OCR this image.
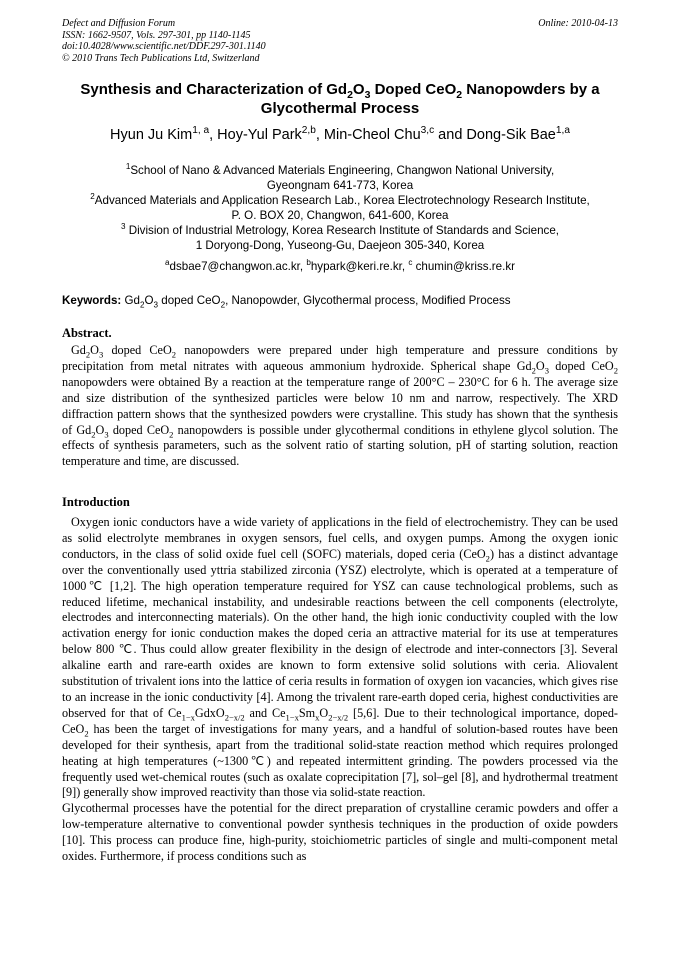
Defect and Diffusion Forum
ISSN: 1662-9507, Vols. 297-301, pp 1140-1145
doi:10.4028/www.scientific.net/DDF.297-301.1140
© 2010 Trans Tech Publications Ltd, Switzerland
Online: 2010-04-13
Synthesis and Characterization of $Gd_2O_3$ Doped CeO$_2$ Nanopowders by a Glycothermal Process
Hyun Ju Kim$^{1, a}$, Hoy-Yul Park$^{2,b}$, Min-Cheol Chu$^{3,c}$ and Dong-Sik Bae$^{1,a}$
$^1$School of Nano & Advanced Materials Engineering, Changwon National University,
Gyeongnam 641-773, Korea
$^2$Advanced Materials and Application Research Lab., Korea Electrotechnology Research Institute,
P. O. BOX 20, Changwon, 641-600, Korea
$^3$ Division of Industrial Metrology, Korea Research Institute of Standards and Science,
1 Doryong-Dong, Yuseong-Gu, Daejeon 305-340, Korea
$^a$dsbae7@changwon.ac.kr, $^b$hypark@keri.re.kr, $^c$ chumin@kriss.re.kr
Keywords: $Gd_2O_3$ doped CeO$_2$, Nanopowder, Glycothermal process, Modified Process
Abstract.

$Gd_2O_3$ doped CeO$_2$ nanopowders were prepared under high temperature and pressure conditions by precipitation from metal nitrates with aqueous ammonium hydroxide. Spherical shape $Gd_2O_3$ doped CeO$_2$ nanopowders were obtained By a reaction at the temperature range of 200°C – 230°C for 6 h. The average size and size distribution of the synthesized particles were below 10 nm and narrow, respectively. The XRD diffraction pattern shows that the synthesized powders were crystalline. This study has shown that the synthesis of $Gd_2O_3$ doped CeO$_2$ nanopowders is possible under glycothermal conditions in ethylene glycol solution. The effects of synthesis parameters, such as the solvent ratio of starting solution, pH of starting solution, reaction temperature and time, are discussed.

Introduction

Oxygen ionic conductors have a wide variety of applications in the field of electrochemistry. They can be used as solid electrolyte membranes in oxygen sensors, fuel cells, and oxygen pumps. Among the oxygen ionic conductors, in the class of solid oxide fuel cell (SOFC) materials, doped ceria (CeO$_2$) has a distinct advantage over the conventionally used yttria stabilized zirconia (YSZ) electrolyte, which is operated at a temperature of 1000℃ [1,2]. The high operation temperature required for YSZ can cause technological problems, such as reduced lifetime, mechanical instability, and undesirable reactions between the cell components (electrolyte, electrodes and interconnecting materials). On the other hand, the high ionic conductivity coupled with the low activation energy for ionic conduction makes the doped ceria an attractive material for its use at temperatures below 800 ℃. Thus could allow greater flexibility in the design of electrode and inter-connectors [3]. Several alkaline earth and rare-earth oxides are known to form extensive solid solutions with ceria. Aliovalent substitution of trivalent ions into the lattice of ceria results in formation of oxygen ion vacancies, which gives rise to an increase in the ionic conductivity [4]. Among the trivalent rare-earth doped ceria, highest conductivities are observed for that of $Ce_{1-x}GdxO_{2-x/2}$ and $Ce_{1-x}Sm_xO_{2-x/2}$ [5,6]. Due to their technological importance, doped-CeO$_2$ has been the target of investigations for many years, and a handful of solution-based routes have been developed for their synthesis, apart from the traditional solid-state reaction method which requires prolonged heating at high temperatures (~1300℃) and repeated intermittent grinding. The powders processed via the frequently used wet-chemical routes (such as oxalate coprecipitation [7], sol–gel [8], and hydrothermal treatment [9]) generally show improved reactivity than those via solid-state reaction.

Glycothermal processes have the potential for the direct preparation of crystalline ceramic powders and offer a low-temperature alternative to conventional powder synthesis techniques in the production of oxide powders [10]. This process can produce fine, high-purity, stoichiometric particles of single and multi-component metal oxides. Furthermore, if process conditions such as
